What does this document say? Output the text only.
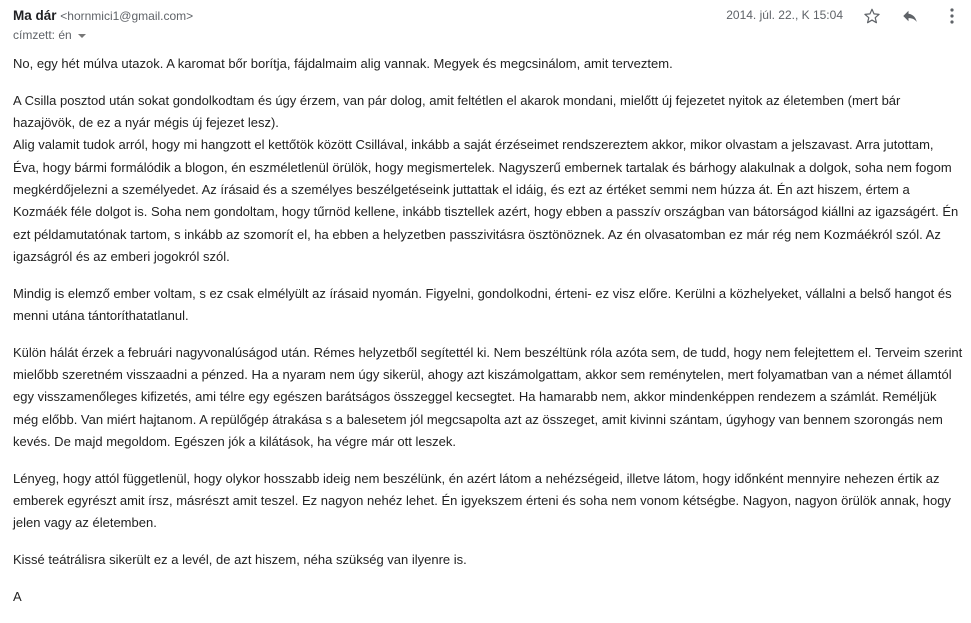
Ma dár <hornmici1@gmail.com>
címzett: én
2014. júl. 22., K 15:04
No, egy hét múlva utazok. A karomat bőr borítja, fájdalmaim alig vannak. Megyek és megcsinálom, amit terveztem.
A Csilla posztod után sokat gondolkodtam és úgy érzem, van pár dolog, amit feltétlen el akarok mondani, mielőtt új fejezetet nyitok az életemben (mert bár
hazajövök, de ez a nyár mégis új fejezet lesz).
Alig valamit tudok arról, hogy mi hangzott el kettőtök között Csillával, inkább a saját érzéseimet rendszereztem akkor, mikor olvastam a jelszavast. Arra jutottam,
Éva, hogy bármi formálódik a blogon, én eszméletlenül örülök, hogy megismertelek. Nagyszerű embernek tartalak és bárhogy alakulnak a dolgok, soha nem fogom
megkérdőjelezni a személyedet. Az írásaid és a személyes beszélgetéseink juttattak el idáig, és ezt az értéket semmi nem húzza át. Én azt hiszem, értem a
Kozmáék féle dolgot is. Soha nem gondoltam, hogy tűrnöd kellene, inkább tisztellek azért, hogy ebben a passzív országban van bátorságod kiállni az igazságért. Én
ezt példamutatónak tartom, s inkább az szomorít el, ha ebben a helyzetben passzivitásra ösztönöznek. Az én olvasatomban ez már rég nem Kozmáékról szól. Az
igazságról és az emberi jogokról szól.
Mindig is elemző ember voltam, s ez csak elmélyült az írásaid nyomán. Figyelni, gondolkodni, érteni- ez visz előre. Kerülni a közhelyeket, vállalni a belső hangot és
menni utána tántoríthatatlanul.
Külön hálát érzek a februári nagyvonalúságod után. Rémes helyzetből segítettél ki. Nem beszéltünk róla azóta sem, de tudd, hogy nem felejtettem el. Terveim szerint
mielőbb szeretném visszaadni a pénzed. Ha a nyaram nem úgy sikerül, ahogy azt kiszámolgattam, akkor sem reménytelen, mert folyamatban van a német államtól
egy visszamenőleges kifizetés, ami télre egy egészen barátságos összeggel kecsegtet. Ha hamarabb nem, akkor mindenképpen rendezem a számlát. Reméljük
még előbb. Van miért hajtanom. A repülőgép átrakása s a balesetem jól megcsapolta azt az összeget, amit kivinni szántam, úgyhogy van bennem szorongás nem
kevés. De majd megoldom. Egészen jók a kilátások, ha végre már ott leszek.
Lényeg, hogy attól függetlenül, hogy olykor hosszabb ideig nem beszélünk, én azért látom a nehézségeid, illetve látom, hogy időnként mennyire nehezen értik az
emberek egyrészt amit írsz, másrészt amit teszel. Ez nagyon nehéz lehet. Én igyekszem érteni és soha nem vonom kétségbe. Nagyon, nagyon örülök annak, hogy
jelen vagy az életemben.
Kissé teátrálisra sikerült ez a levél, de azt hiszem, néha szükség van ilyenre is.
A
